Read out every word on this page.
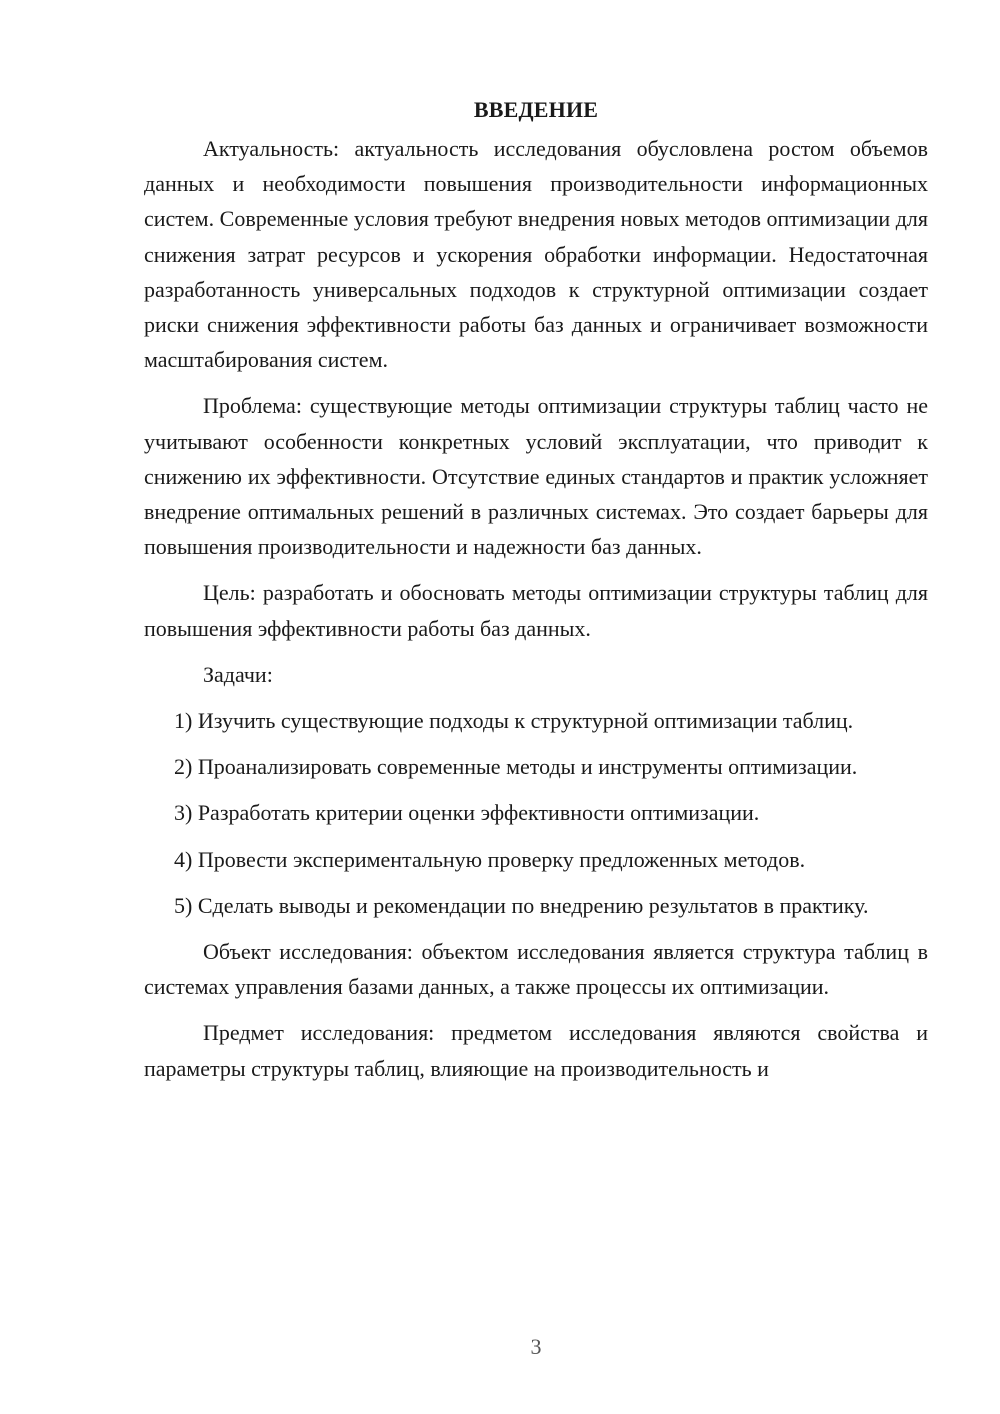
ВВЕДЕНИЕ

Актуальность: актуальность исследования обусловлена ростом объемов данных и необходимости повышения производительности информационных систем. Современные условия требуют внедрения новых методов оптимизации для снижения затрат ресурсов и ускорения обработки информации. Недостаточная разработанность универсальных подходов к структурной оптимизации создает риски снижения эффективности работы баз данных и ограничивает возможности масштабирования систем.

Проблема: существующие методы оптимизации структуры таблиц часто не учитывают особенности конкретных условий эксплуатации, что приводит к снижению их эффективности. Отсутствие единых стандартов и практик усложняет внедрение оптимальных решений в различных системах. Это создает барьеры для повышения производительности и надежности баз данных.

Цель: разработать и обосновать методы оптимизации структуры таблиц для повышения эффективности работы баз данных.

Задачи:

1) Изучить существующие подходы к структурной оптимизации таблиц.

2) Проанализировать современные методы и инструменты оптимизации.

3) Разработать критерии оценки эффективности оптимизации.

4) Провести экспериментальную проверку предложенных методов.

5) Сделать выводы и рекомендации по внедрению результатов в практику.

Объект исследования: объектом исследования является структура таблиц в системах управления базами данных, а также процессы их оптимизации.

Предмет исследования: предметом исследования являются свойства и параметры структуры таблиц, влияющие на производительность и

3
